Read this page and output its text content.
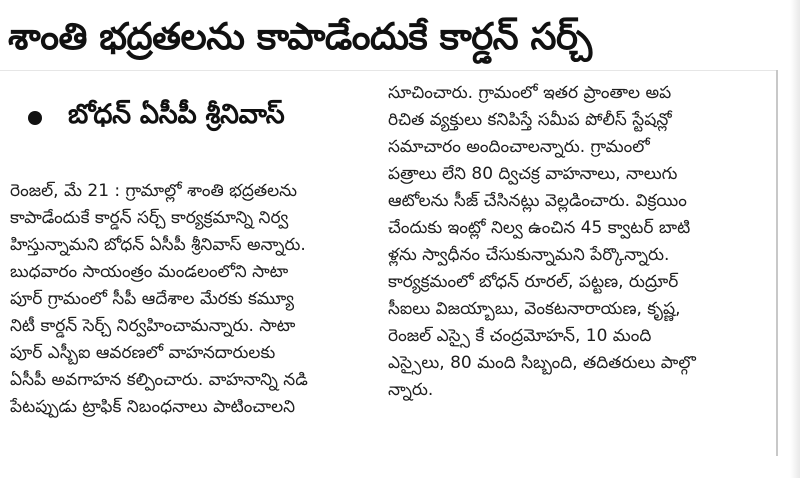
శాంతి భద్రతలను కాపాడేందుకే కార్డన్ సర్చ్
బోధన్ ఏసీపీ శ్రీనివాస్
రెంజల్, మే 21 : గ్రామాల్లో శాంతి భద్రతలను
కాపాడేందుకే కార్డన్ సర్చ్ కార్యక్రమాన్ని నిర్వ
హిస్తున్నామని బోధన్ ఏసీపీ శ్రీనివాస్ అన్నారు.
బుధవారం సాయంత్రం మండలంలోని సాటా
పూర్ గ్రామంలో సీపీ ఆదేశాల మేరకు కమ్యూ
నిటీ కార్డన్ సెర్చ్ నిర్వహించామన్నారు. సాటా
పూర్ ఎస్బీఐ ఆవరణలో వాహనదారులకు
ఏసీపీ అవగాహన కల్పించారు. వాహనాన్ని నడి
పేటప్పుడు ట్రాఫిక్ నిబంధనాలు పాటించాలని
సూచించారు. గ్రామంలో ఇతర ప్రాంతాల అప
రిచిత వ్యక్తులు కనిపిస్తే సమీప పోలీస్ స్టేషన్లో
సమాచారం అందించాలన్నారు. గ్రామంలో
పత్రాలు లేని 80 ద్విచక్ర వాహనాలు, నాలుగు
ఆటోలను సీజ్ చేసినట్లు వెల్లడించారు. విక్రయిం
చేందుకు ఇంట్లో నిల్వ ఉంచిన 45 క్వాటర్ బాటి
ళ్లను స్వాధీనం చేసుకున్నామని పేర్కొన్నారు.
కార్యక్రమంలో బోధన్ రూరల్, పట్టణ, రుద్రూర్
సీఐలు విజయ్బాబు, వెంకటనారాయణ, కృష్ణ,
రెంజల్ ఎస్సై కే చంద్రమోహన్, 10 మంది
ఎస్సైలు, 80 మంది సిబ్బంది, తదితరులు పాల్గొ
న్నారు.
